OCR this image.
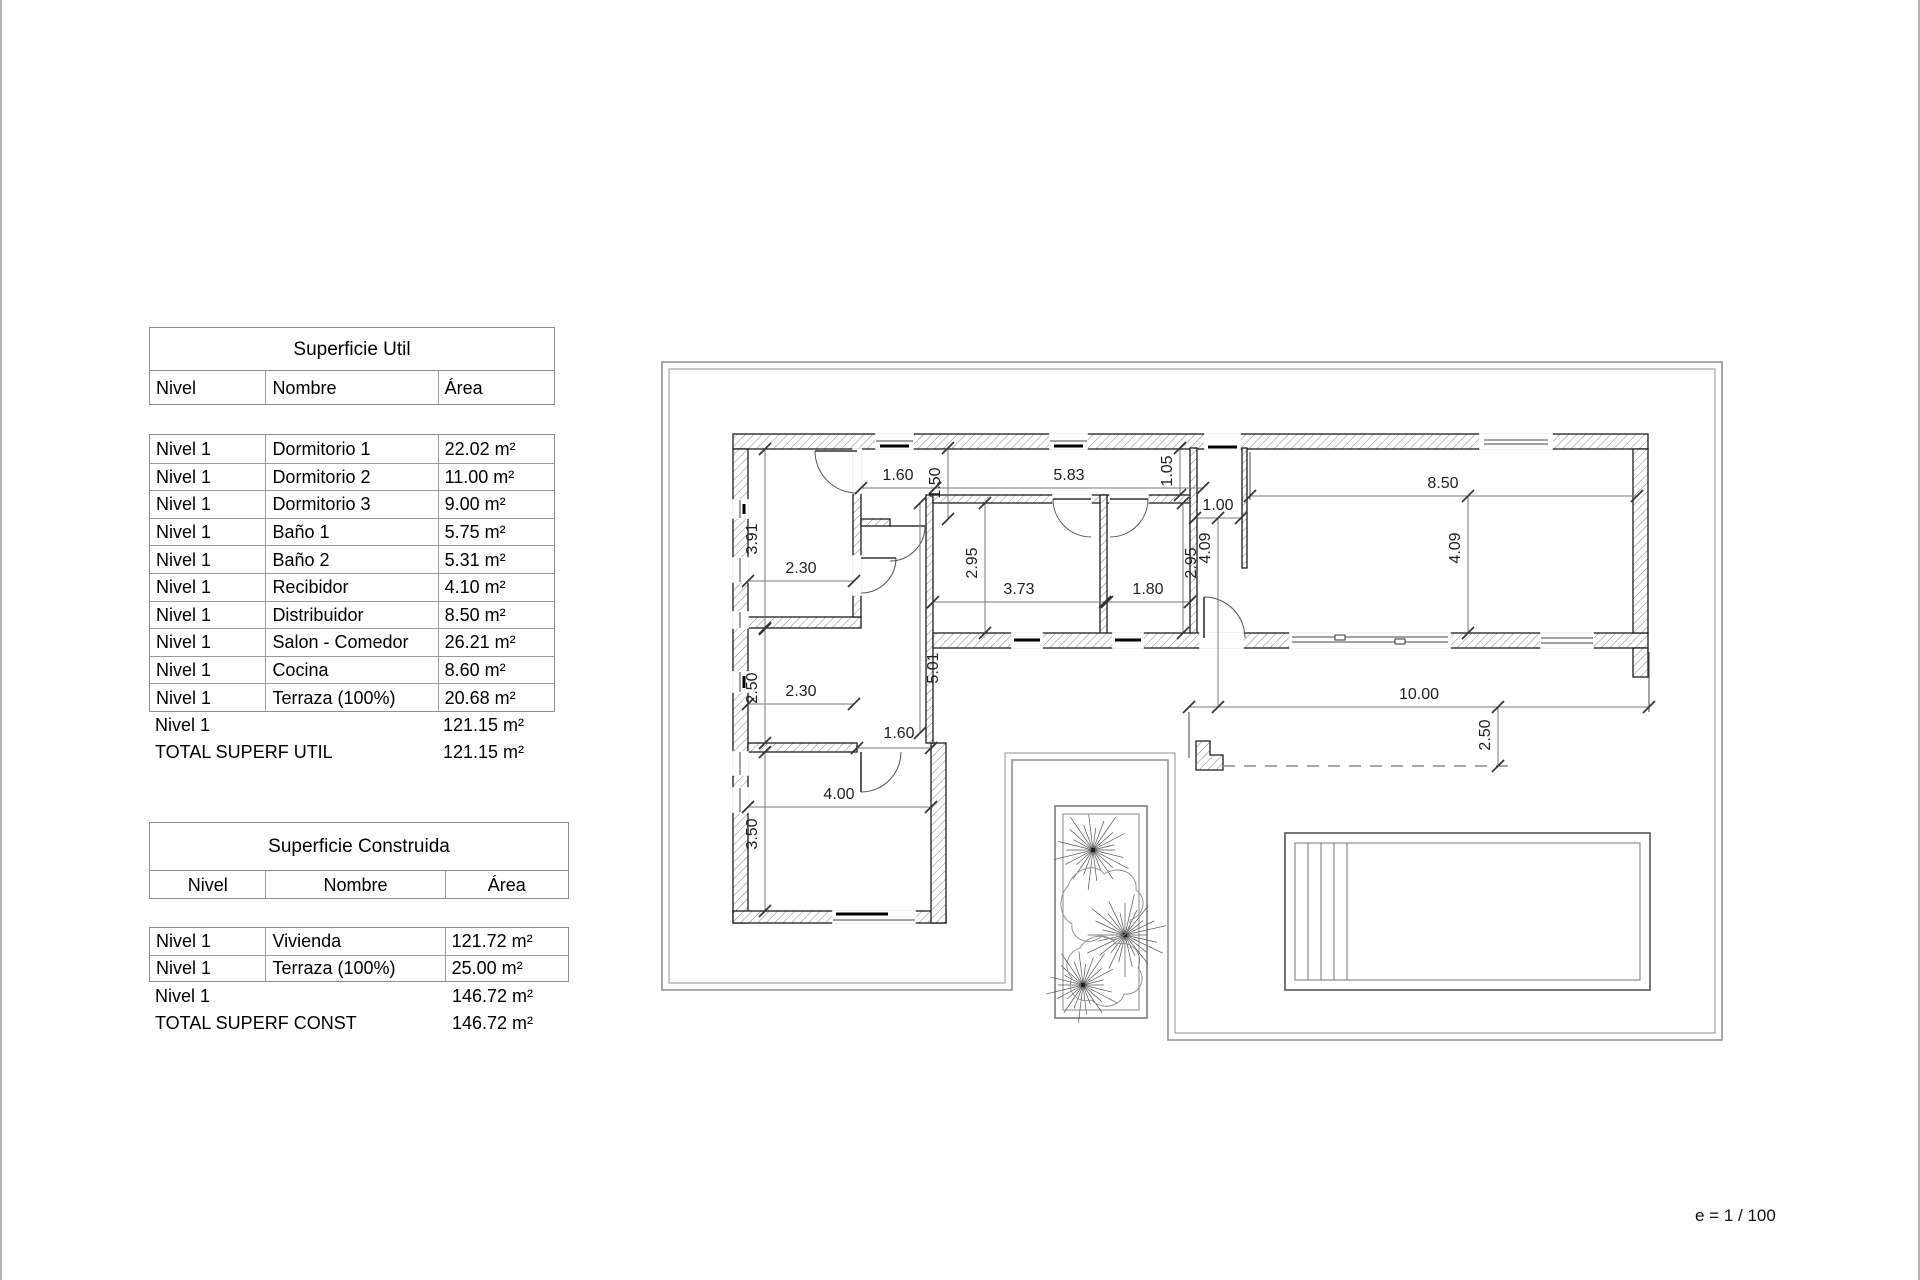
Superficie Util
Nivel	Nombre	Área
Nivel 1	Dormitorio 1	22.02 m²
Nivel 1	Dormitorio 2	11.00 m²
Nivel 1	Dormitorio 3	9.00 m²
Nivel 1	Baño 1	5.75 m²
Nivel 1	Baño 2	5.31 m²
Nivel 1	Recibidor	4.10 m²
Nivel 1	Distribuidor	8.50 m²
Nivel 1	Salon - Comedor	26.21 m²
Nivel 1	Cocina	8.60 m²
Nivel 1	Terraza (100%)	20.68 m²
Nivel 1	121.15 m²
TOTAL SUPERF UTIL	121.15 m²
Superficie Construida
Nivel	Nombre	Área
Nivel 1	Vivienda	121.72 m²
Nivel 1	Terraza (100%)	25.00 m²
Nivel 1	146.72 m²
TOTAL SUPERF CONST	146.72 m²
1.60	5.83	8.50
1.00
2.30
3.73	1.80
2.30
1.60
4.00
10.00
1.50	1.05
3.91	4.09	4.09
2.95	2.95
5.01
2.50
3.50
2.50
e = 1 / 100
